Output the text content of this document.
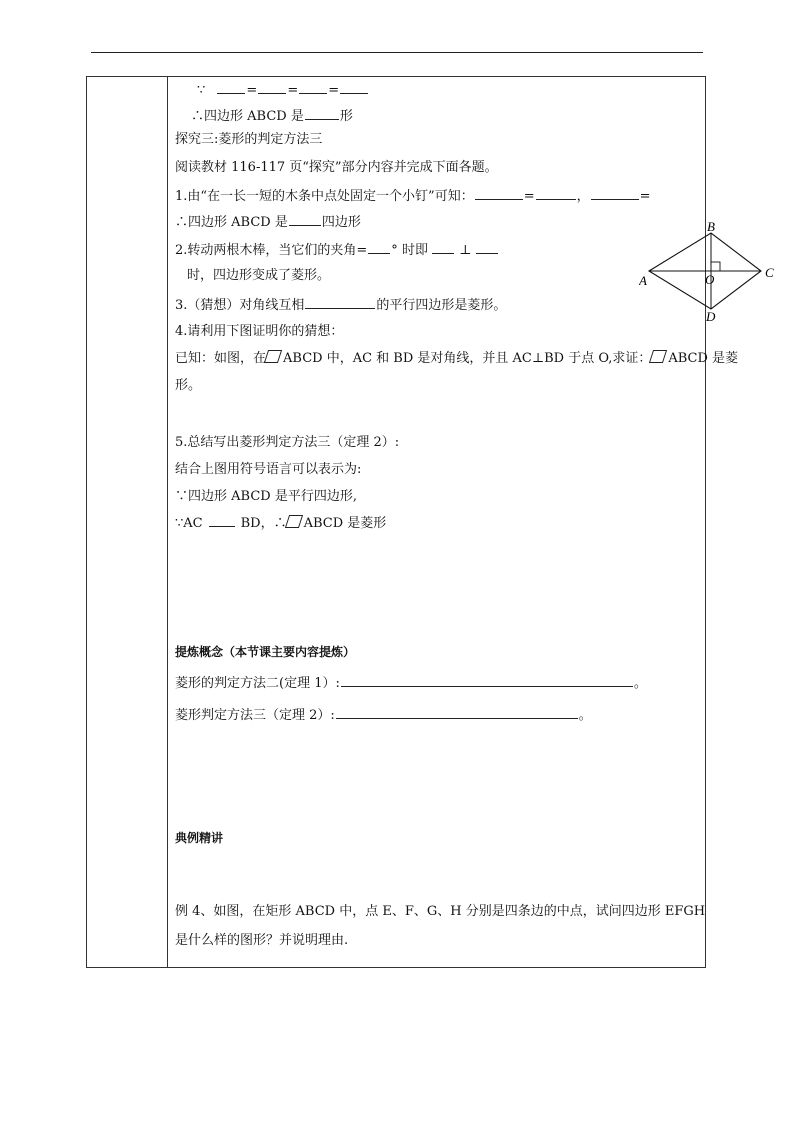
∵	= = =
∴四边形 ABCD 是	形
探究三:菱形的判定方法三
阅读教材 116-117 页“探究”部分内容并完成下面各题。
1.由“在一长一短的木条中点处固定一个小钉”可知：	=	，	=
∴四边形 ABCD 是	四边形
2.转动两根木棒，当它们的夹角= ° 时即 ⊥
时，四边形变成了菱形。
3.（猜想）对角线互相	的平行四边形是菱形。
4.请利用下图证明你的猜想：
已知：如图，在 ABCD 中，AC 和 BD 是对角线，并且 AC⊥BD 于点 O,求证： ABCD 是菱
形。
5.总结写出菱形判定方法三（定理 2）:
结合上图用符号语言可以表示为:
∵四边形 ABCD 是平行四边形,
∵AC	BD，∴ ABCD 是菱形
提炼概念（本节课主要内容提炼）
菱形的判定方法二(定理 1）:	。
菱形判定方法三（定理 2）:	。
典例精讲
例 4、如图，在矩形 ABCD 中，点 E、F、G、H 分别是四条边的中点，试问四边形 EFGH
是什么样的图形？并说明理由.
B
A
C
D
O
